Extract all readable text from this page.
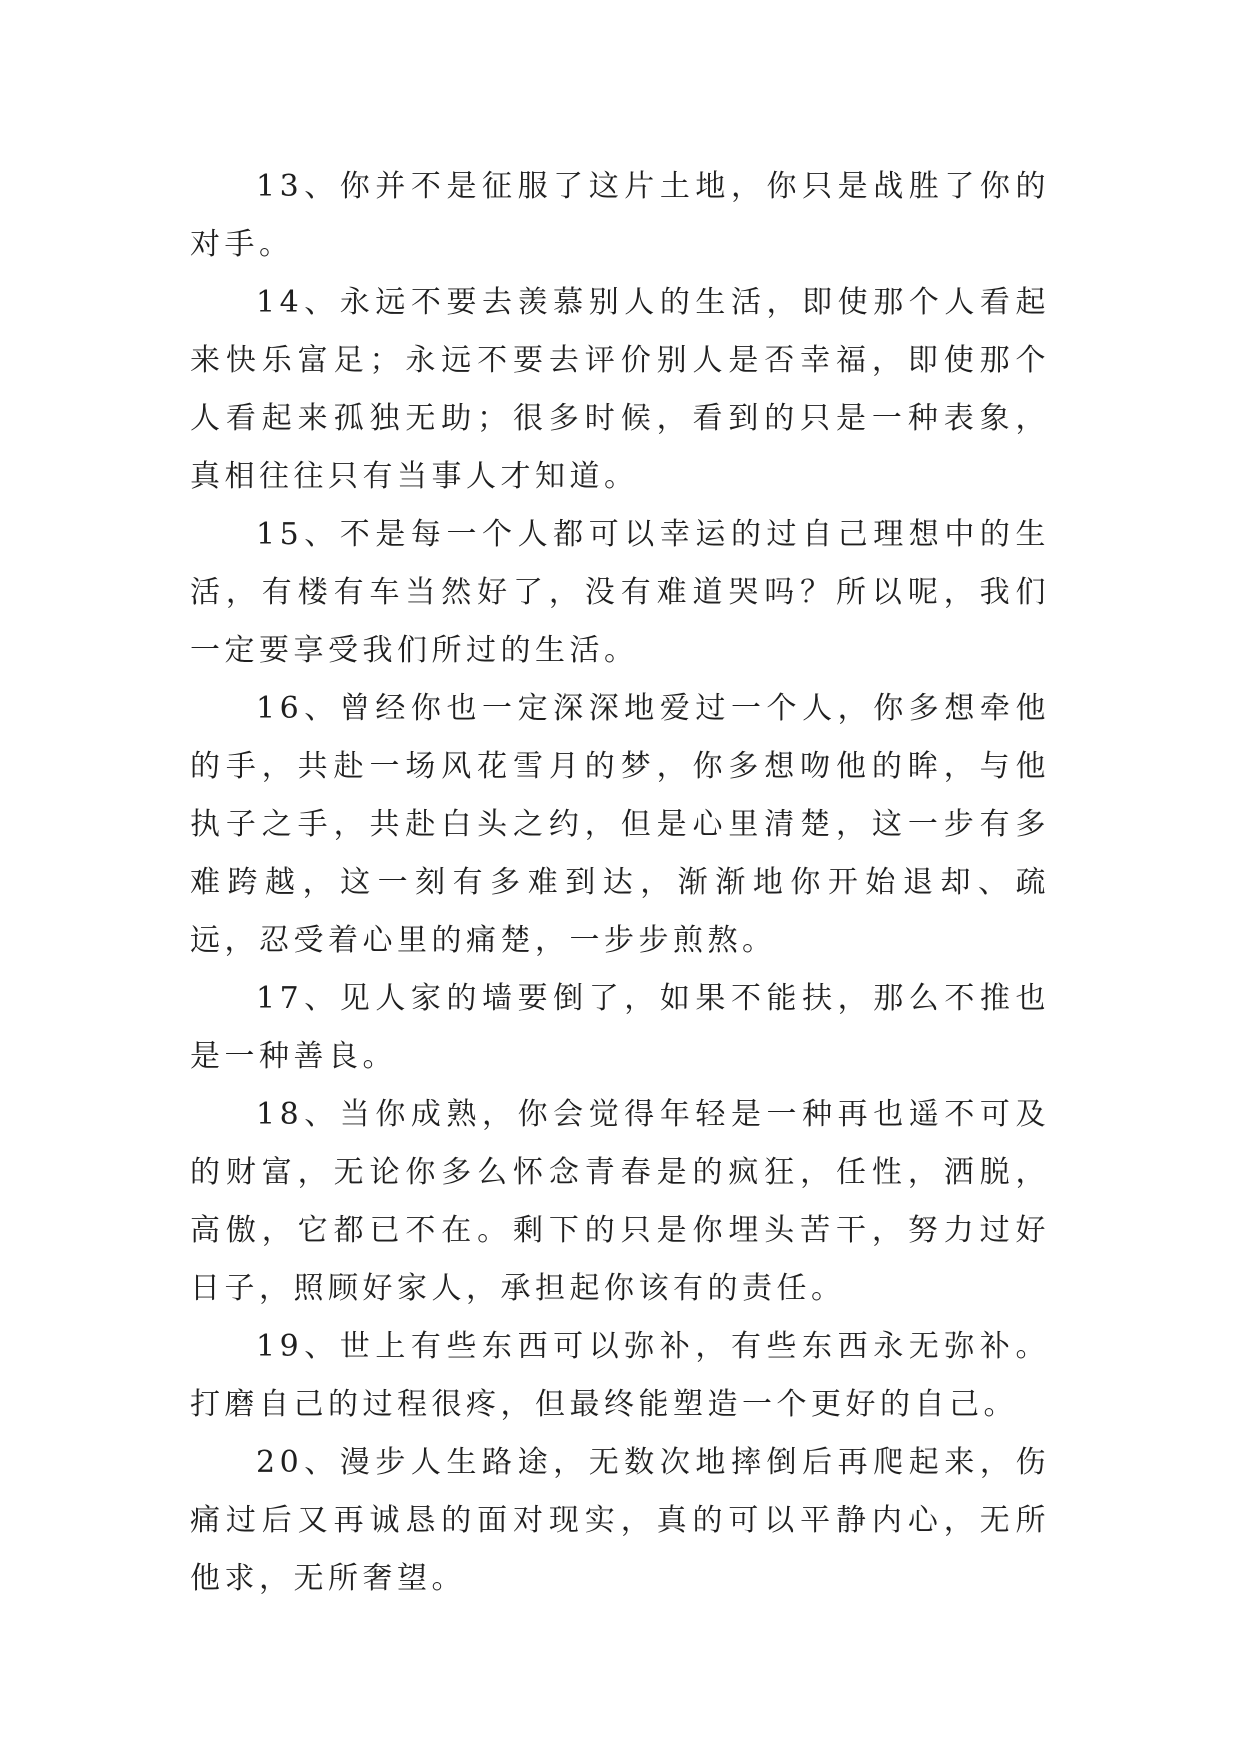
13、你并不是征服了这片土地，你只是战胜了你的对手。

14、永远不要去羡慕别人的生活，即使那个人看起来快乐富足；永远不要去评价别人是否幸福，即使那个人看起来孤独无助；很多时候，看到的只是一种表象，真相往往只有当事人才知道。

15、不是每一个人都可以幸运的过自己理想中的生活，有楼有车当然好了，没有难道哭吗？所以呢，我们一定要享受我们所过的生活。

16、曾经你也一定深深地爱过一个人，你多想牵他的手，共赴一场风花雪月的梦，你多想吻他的眸，与他执子之手，共赴白头之约，但是心里清楚，这一步有多难跨越，这一刻有多难到达，渐渐地你开始退却、疏远，忍受着心里的痛楚，一步步煎熬。

17、见人家的墙要倒了，如果不能扶，那么不推也是一种善良。

18、当你成熟，你会觉得年轻是一种再也遥不可及的财富，无论你多么怀念青春是的疯狂，任性，洒脱，高傲，它都已不在。剩下的只是你埋头苦干，努力过好日子，照顾好家人，承担起你该有的责任。

19、世上有些东西可以弥补，有些东西永无弥补。打磨自己的过程很疼，但最终能塑造一个更好的自己。

20、漫步人生路途，无数次地摔倒后再爬起来，伤痛过后又再诚恳的面对现实，真的可以平静内心，无所他求，无所奢望。
